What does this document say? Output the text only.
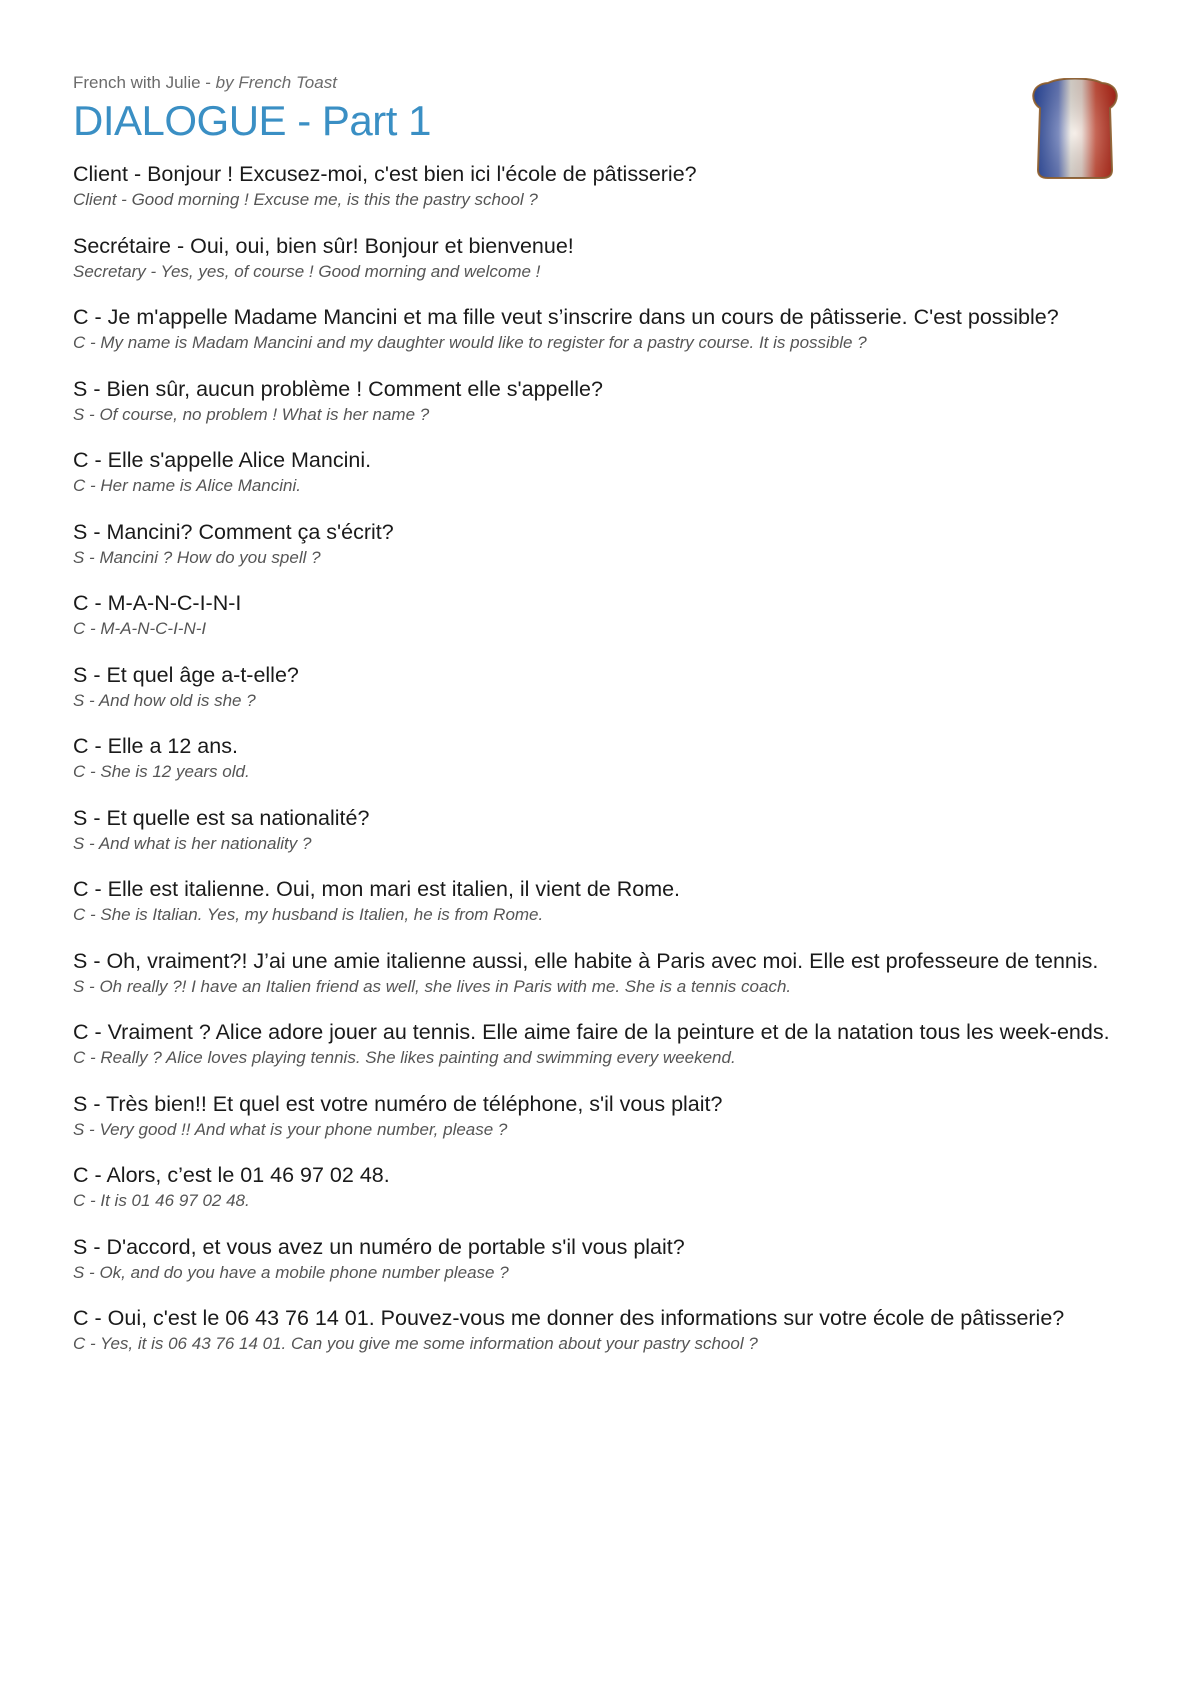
French with Julie - by French Toast

DIALOGUE - Part 1

Client - Bonjour ! Excusez-moi, c'est bien ici l'école de pâtisserie?

Client - Good morning ! Excuse me, is this the pastry school ?

Secrétaire - Oui, oui, bien sûr! Bonjour et bienvenue!

Secretary - Yes, yes, of course ! Good morning and welcome !

C - Je m'appelle Madame Mancini et ma fille veut s’inscrire dans un cours de pâtisserie. C'est possible?

C - My name is Madam Mancini and my daughter would like to register for a pastry course. It is possible ?

S - Bien sûr, aucun problème ! Comment elle s'appelle?

S - Of course, no problem ! What is her name ?

C - Elle s'appelle Alice Mancini.

C - Her name is Alice Mancini.

S - Mancini? Comment ça s'écrit?

S - Mancini ? How do you spell ?

C - M-A-N-C-I-N-I

C - M-A-N-C-I-N-I

S - Et quel âge a-t-elle?

S - And how old is she ?

C - Elle a 12 ans.

C - She is 12 years old.

S - Et quelle est sa nationalité?

S - And what is her nationality ?

C - Elle est italienne. Oui, mon mari est italien, il vient de Rome.

C - She is Italian. Yes, my husband is Italien, he is from Rome.

S - Oh, vraiment?! J’ai une amie italienne aussi, elle habite à Paris avec moi. Elle est professeure de tennis.

S - Oh really ?! I have an Italien friend as well, she lives in Paris with me. She is a tennis coach.

C - Vraiment ? Alice adore jouer au tennis. Elle aime faire de la peinture et de la natation tous les week-ends.

C - Really ? Alice loves playing tennis. She likes painting and swimming every weekend.

S - Très bien!! Et quel est votre numéro de téléphone, s'il vous plait?

S - Very good !! And what is your phone number, please ?

C - Alors, c’est le 01 46 97 02 48.

C - It is 01 46 97 02 48.

S - D'accord, et vous avez un numéro de portable s'il vous plait?

S - Ok, and do you have a mobile phone number please ?

C - Oui, c'est le 06 43 76 14 01. Pouvez-vous me donner des informations sur votre école de pâtisserie?

C - Yes, it is 06 43 76 14 01. Can you give me some information about your pastry school ?
